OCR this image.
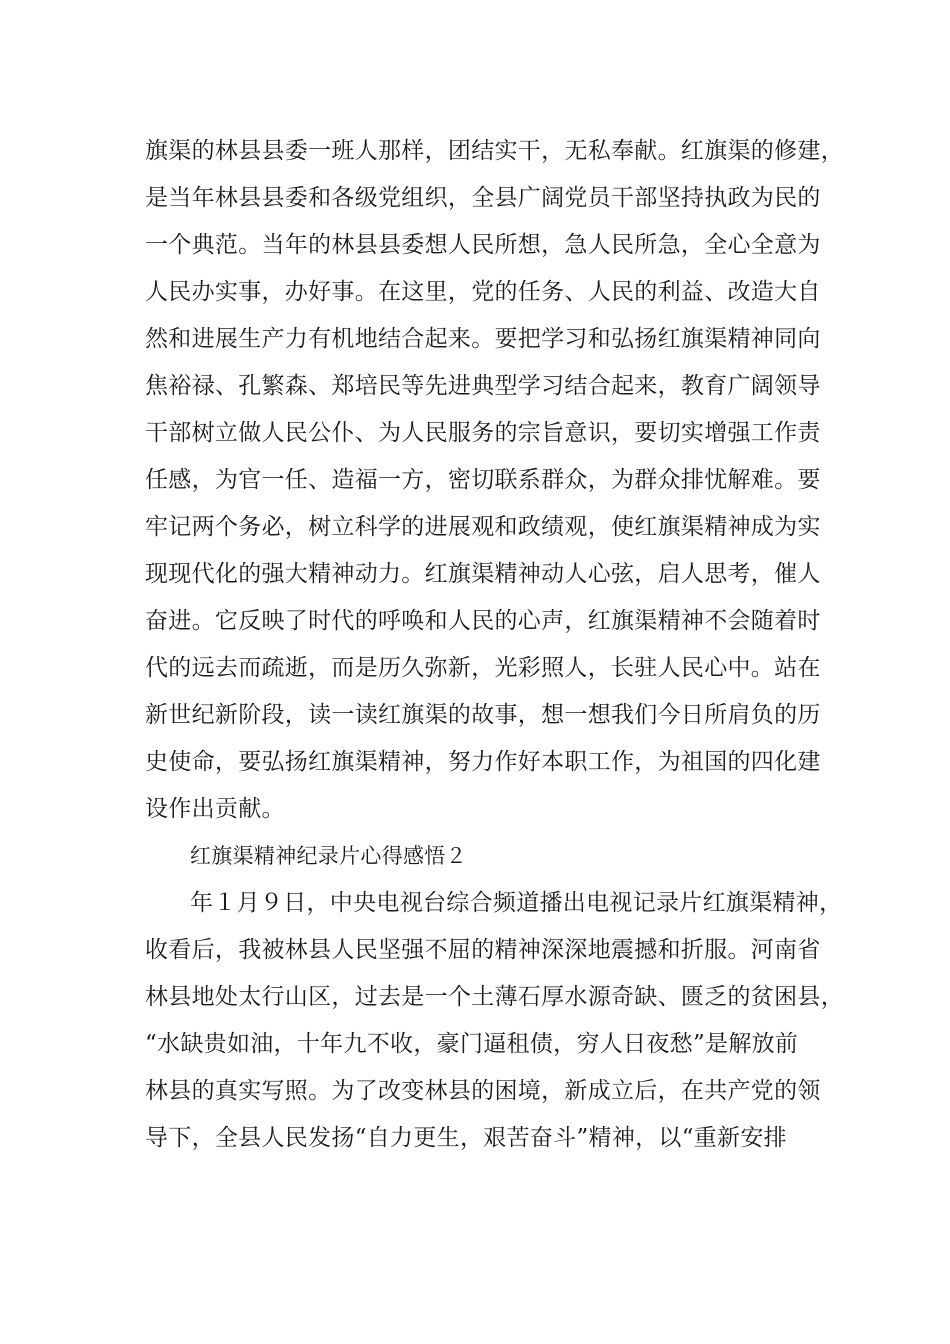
旗渠的林县县委一班人那样，团结实干，无私奉献。红旗渠的修建，
是当年林县县委和各级党组织，全县广阔党员干部坚持执政为民的
一个典范。当年的林县县委想人民所想，急人民所急，全心全意为
人民办实事，办好事。在这里，党的任务、人民的利益、改造大自
然和进展生产力有机地结合起来。要把学习和弘扬红旗渠精神同向
焦裕禄、孔繁森、郑培民等先进典型学习结合起来，教育广阔领导
干部树立做人民公仆、为人民服务的宗旨意识，要切实增强工作责
任感，为官一任、造福一方，密切联系群众，为群众排忧解难。要
牢记两个务必，树立科学的进展观和政绩观，使红旗渠精神成为实
现现代化的强大精神动力。红旗渠精神动人心弦，启人思考，催人
奋进。它反映了时代的呼唤和人民的心声，红旗渠精神不会随着时
代的远去而疏逝，而是历久弥新，光彩照人，长驻人民心中。站在
新世纪新阶段，读一读红旗渠的故事，想一想我们今日所肩负的历
史使命，要弘扬红旗渠精神，努力作好本职工作，为祖国的四化建
设作出贡献。
红旗渠精神纪录片心得感悟２
年１月９日，中央电视台综合频道播出电视记录片红旗渠精神，
收看后，我被林县人民坚强不屈的精神深深地震撼和折服。河南省
林县地处太行山区，过去是一个土薄石厚水源奇缺、匮乏的贫困县，
“水缺贵如油，十年九不收，豪门逼租债，穷人日夜愁”是解放前
林县的真实写照。为了改变林县的困境，新成立后，在共产党的领
导下，全县人民发扬“自力更生，艰苦奋斗”精神，以“重新安排
